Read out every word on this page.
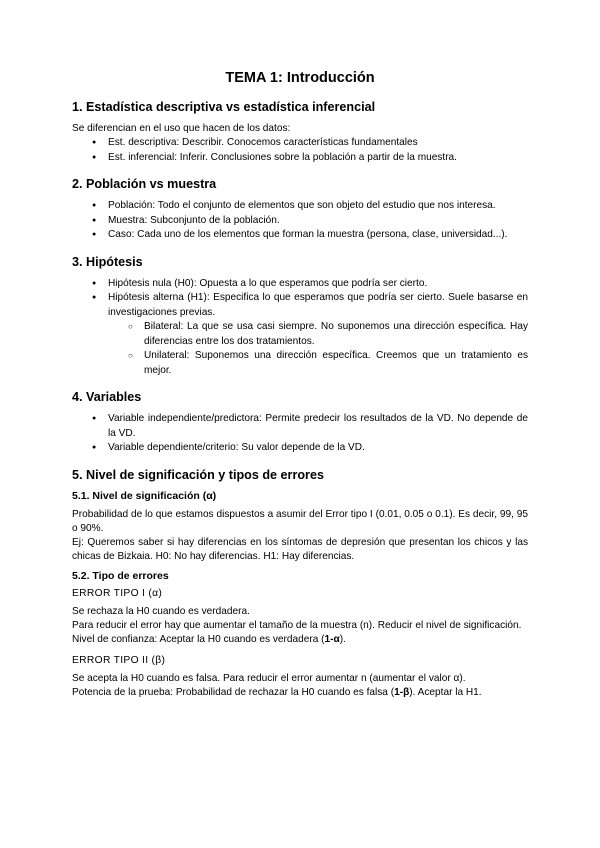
TEMA 1: Introducción
1. Estadística descriptiva vs estadística inferencial

Se diferencian en el uso que hacen de los datos:

● Est. descriptiva: Describir. Conocemos características fundamentales
● Est. inferencial: Inferir. Conclusiones sobre la población a partir de la muestra.
2. Población vs muestra
● Población: Todo el conjunto de elementos que son objeto del estudio que nos interesa.
● Muestra: Subconjunto de la población.
● Caso: Cada uno de los elementos que forman la muestra (persona, clase, universidad...).
3. Hipótesis
● Hipótesis nula (H0): Opuesta a lo que esperamos que podría ser cierto.
● Hipótesis alterna (H1): Especifica lo que esperamos que podría ser cierto. Suele basarse en investigaciones previas.
○ Bilateral: La que se usa casi siempre. No suponemos una dirección específica. Hay diferencias entre los dos tratamientos.
○ Unilateral: Suponemos una dirección específica. Creemos que un tratamiento es mejor.
4. Variables
● Variable independiente/predictora: Permite predecir los resultados de la VD. No depende de la VD.
● Variable dependiente/criterio: Su valor depende de la VD.
5. Nivel de significación y tipos de errores
5.1. Nivel de significación (α)

Probabilidad de lo que estamos dispuestos a asumir del Error tipo I (0.01, 0.05 o 0.1). Es decir, 99, 95 o 90%.

Ej: Queremos saber si hay diferencias en los síntomas de depresión que presentan los chicos y las chicas de Bizkaia. H0: No hay diferencias. H1: Hay diferencias.

5.2. Tipo de errores
ERROR TIPO I (α)

Se rechaza la H0 cuando es verdadera.

Para reducir el error hay que aumentar el tamaño de la muestra (n). Reducir el nivel de significación.

Nivel de confianza: Aceptar la H0 cuando es verdadera (1-α).

ERROR TIPO II (β)

Se acepta la H0 cuando es falsa. Para reducir el error aumentar n (aumentar el valor α).

Potencia de la prueba: Probabilidad de rechazar la H0 cuando es falsa (1-β). Aceptar la H1.
